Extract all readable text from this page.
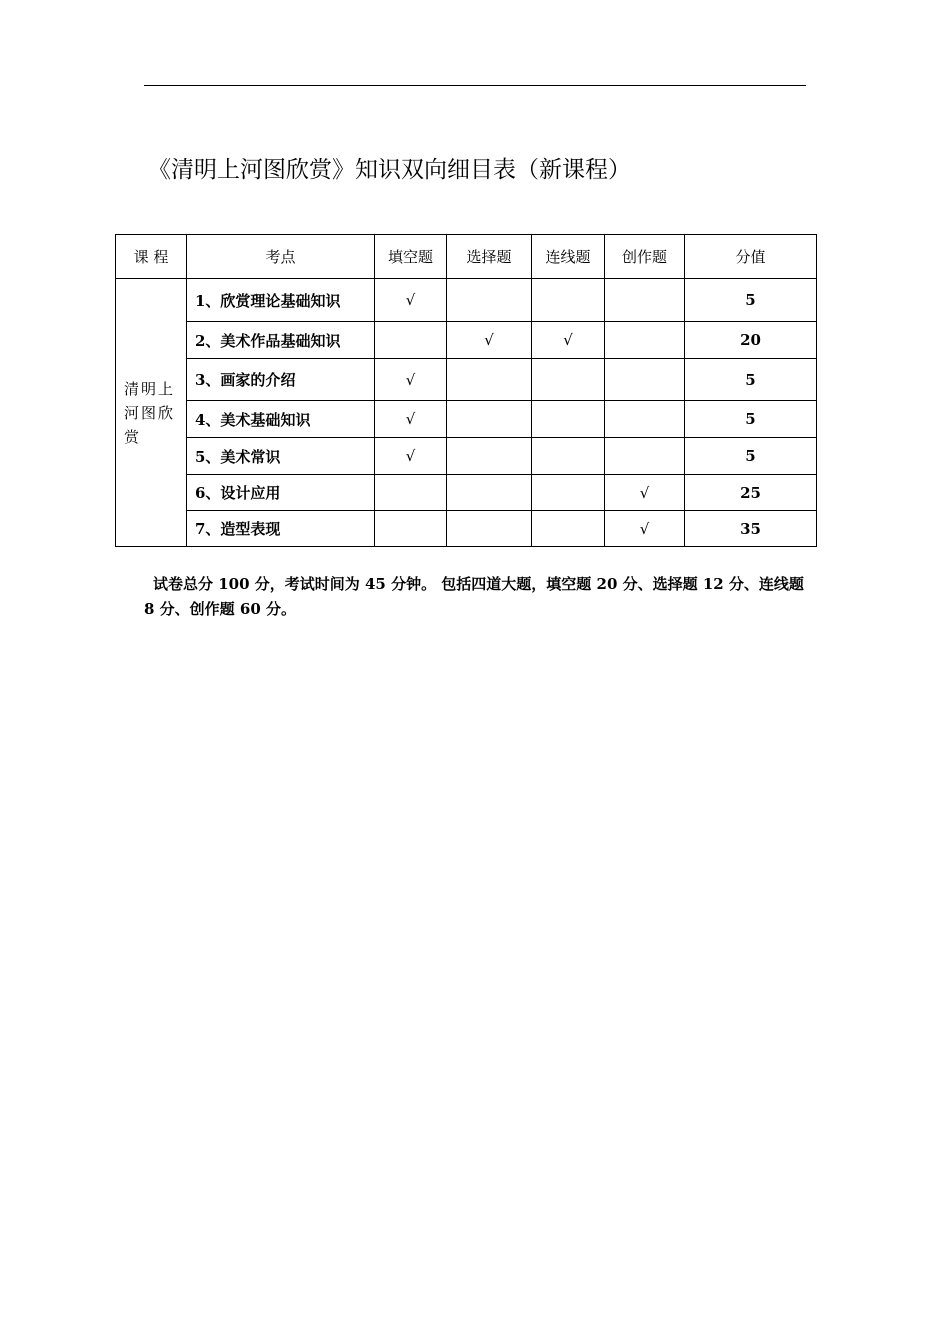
《清明上河图欣赏》知识双向细目表（新课程）
课 程	考点	填空题	选择题	连线题	创作题	分值
清明上河图欣赏	1、欣赏理论基础知识	√				5
	2、美术作品基础知识		√	√		20
	3、画家的介绍	√				5
	4、美术基础知识	√				5
	5、美术常识	√				5
	6、设计应用				√	25
	7、造型表现				√	35

试卷总分 100 分，考试时间为 45 分钟。 包括四道大题，填空题 20 分、选择题 12 分、连线题 8 分、创作题 60 分。
